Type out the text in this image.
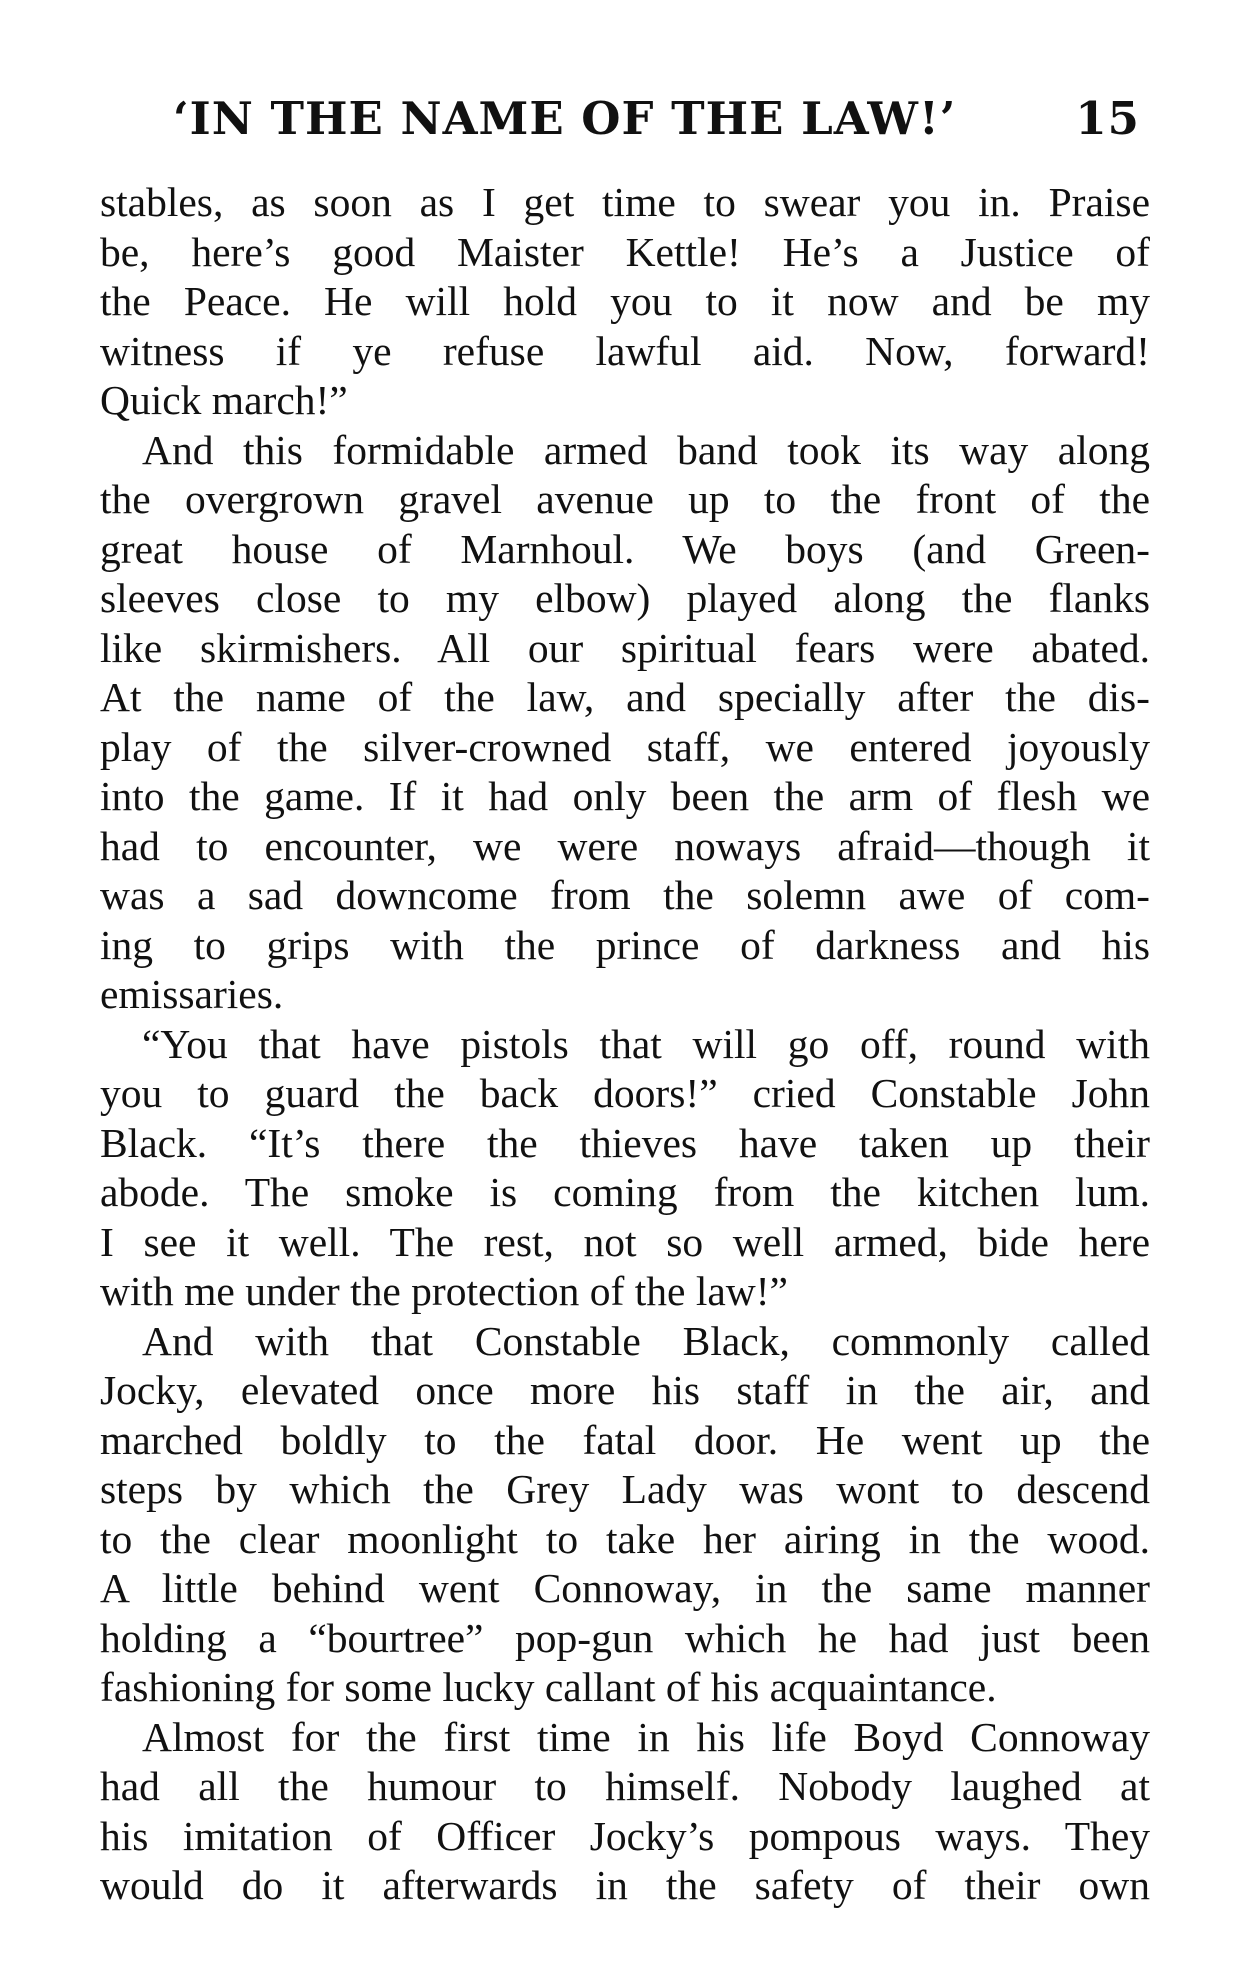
‘IN THE NAME OF THE LAW!’	15
stables, as soon as I get time to swear you in. Praise
be, here’s good Maister Kettle! He’s a Justice of
the Peace. He will hold you to it now and be my
witness if ye refuse lawful aid. Now, forward!
Quick march!”
And this formidable armed band took its way along
the overgrown gravel avenue up to the front of the
great house of Marnhoul. We boys (and Green-
sleeves close to my elbow) played along the flanks
like skirmishers. All our spiritual fears were abated.
At the name of the law, and specially after the dis-
play of the silver-crowned staff, we entered joyously
into the game. If it had only been the arm of flesh we
had to encounter, we were noways afraid—though it
was a sad downcome from the solemn awe of com-
ing to grips with the prince of darkness and his
emissaries.
“You that have pistols that will go off, round with
you to guard the back doors!” cried Constable John
Black. “It’s there the thieves have taken up their
abode. The smoke is coming from the kitchen lum.
I see it well. The rest, not so well armed, bide here
with me under the protection of the law!”
And with that Constable Black, commonly called
Jocky, elevated once more his staff in the air, and
marched boldly to the fatal door. He went up the
steps by which the Grey Lady was wont to descend
to the clear moonlight to take her airing in the wood.
A little behind went Connoway, in the same manner
holding a “bourtree” pop-gun which he had just been
fashioning for some lucky callant of his acquaintance.
Almost for the first time in his life Boyd Connoway
had all the humour to himself. Nobody laughed at
his imitation of Officer Jocky’s pompous ways. They
would do it afterwards in the safety of their own
